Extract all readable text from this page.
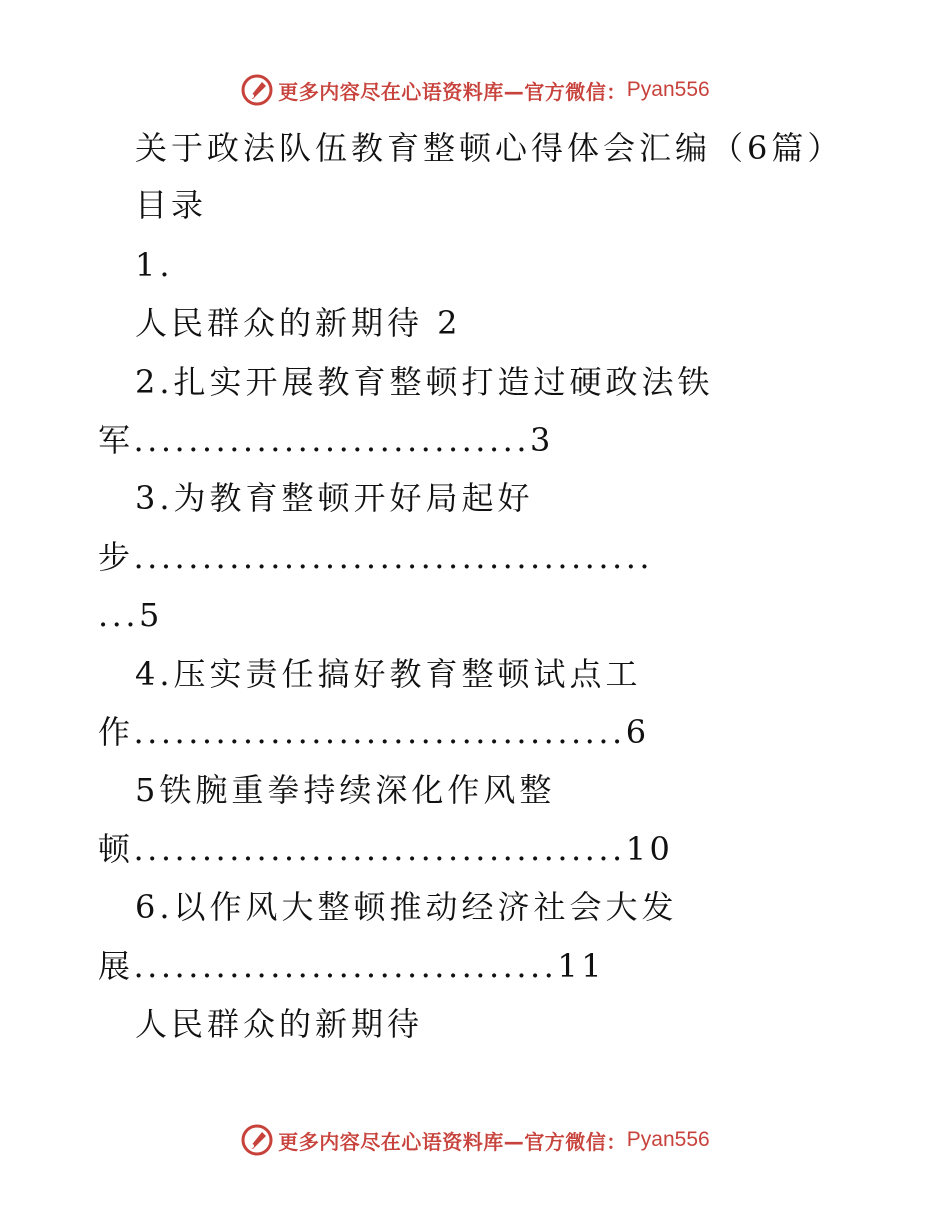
更多内容尽在心语资料库—官方微信： Pyan556
关于政法队伍教育整顿心得体会汇编（6篇）
目录
1.
人民群众的新期待 2
2.扎实开展教育整顿打造过硬政法铁
军.............................3
3.为教育整顿开好局起好
步......................................
...5
4.压实责任搞好教育整顿试点工
作....................................6
5铁腕重拳持续深化作风整
顿....................................10
6.以作风大整顿推动经济社会大发
展...............................11
人民群众的新期待
更多内容尽在心语资料库—官方微信： Pyan556
